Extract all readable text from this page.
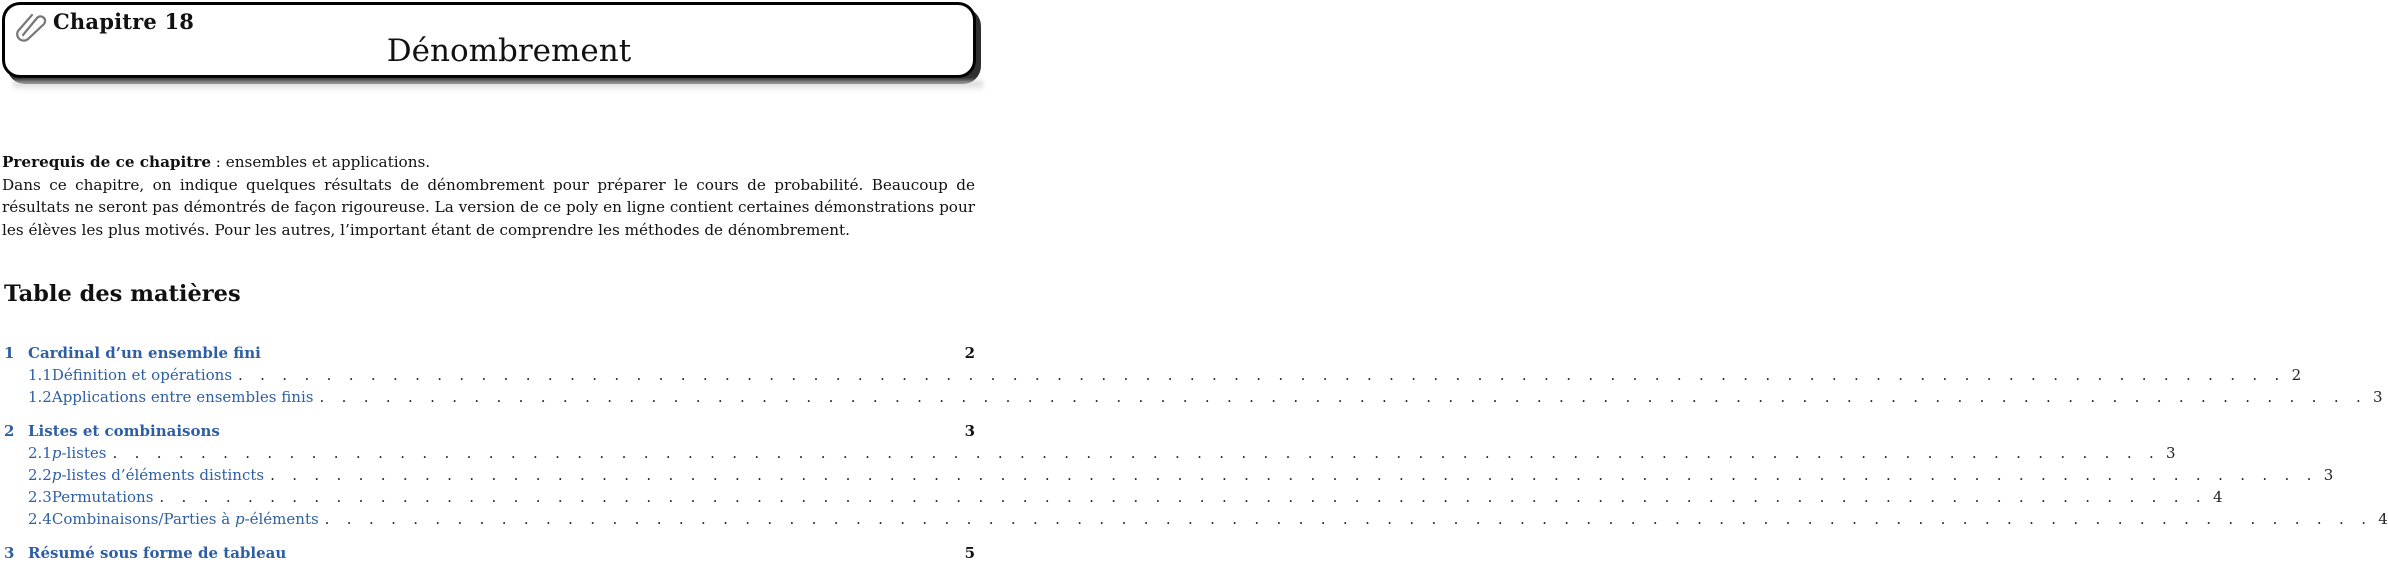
Chapitre 18
Dénombrement

Prerequis de ce chapitre : ensembles et applications.

Dans ce chapitre, on indique quelques résultats de dénombrement pour préparer le cours de probabilité. Beaucoup de résultats ne seront pas démontrés de façon rigoureuse. La version de ce poly en ligne contient certaines démonstrations pour les élèves les plus motivés. Pour les autres, l’important étant de comprendre les méthodes de dénombrement.

Table des matières
1 Cardinal d’un ensemble fini	2
1.1 Définition et opérations . . . . . . . . . . . . . . . . . . . . . . . . . . . . . . . . . . . . . . . . . . . . . . . . . . . . . . . . . . . . . . . . . . . . . . . . . . . . . . . . . . . . . . . . . . . . . 2
1.2 Applications entre ensembles finis . . . . . . . . . . . . . . . . . . . . . . . . . . . . . . . . . . . . . . . . . . . . . . . . . . . . . . . . . . . . . . . . . . . . . . . . . . . . . . . . . . . . . . . . . . . . . 3
2 Listes et combinaisons	3
2.1 p-listes . . . . . . . . . . . . . . . . . . . . . . . . . . . . . . . . . . . . . . . . . . . . . . . . . . . . . . . . . . . . . . . . . . . . . . . . . . . . . . . . . . . . . . . . . . . . . 3
2.2 p-listes d’éléments distincts . . . . . . . . . . . . . . . . . . . . . . . . . . . . . . . . . . . . . . . . . . . . . . . . . . . . . . . . . . . . . . . . . . . . . . . . . . . . . . . . . . . . . . . . . . . . . 3
2.3 Permutations . . . . . . . . . . . . . . . . . . . . . . . . . . . . . . . . . . . . . . . . . . . . . . . . . . . . . . . . . . . . . . . . . . . . . . . . . . . . . . . . . . . . . . . . . . . . . 4
2.4 Combinaisons/Parties à p-éléments . . . . . . . . . . . . . . . . . . . . . . . . . . . . . . . . . . . . . . . . . . . . . . . . . . . . . . . . . . . . . . . . . . . . . . . . . . . . . . . . . . . . . . . . . . . . . 4
3 Résumé sous forme de tableau	5
